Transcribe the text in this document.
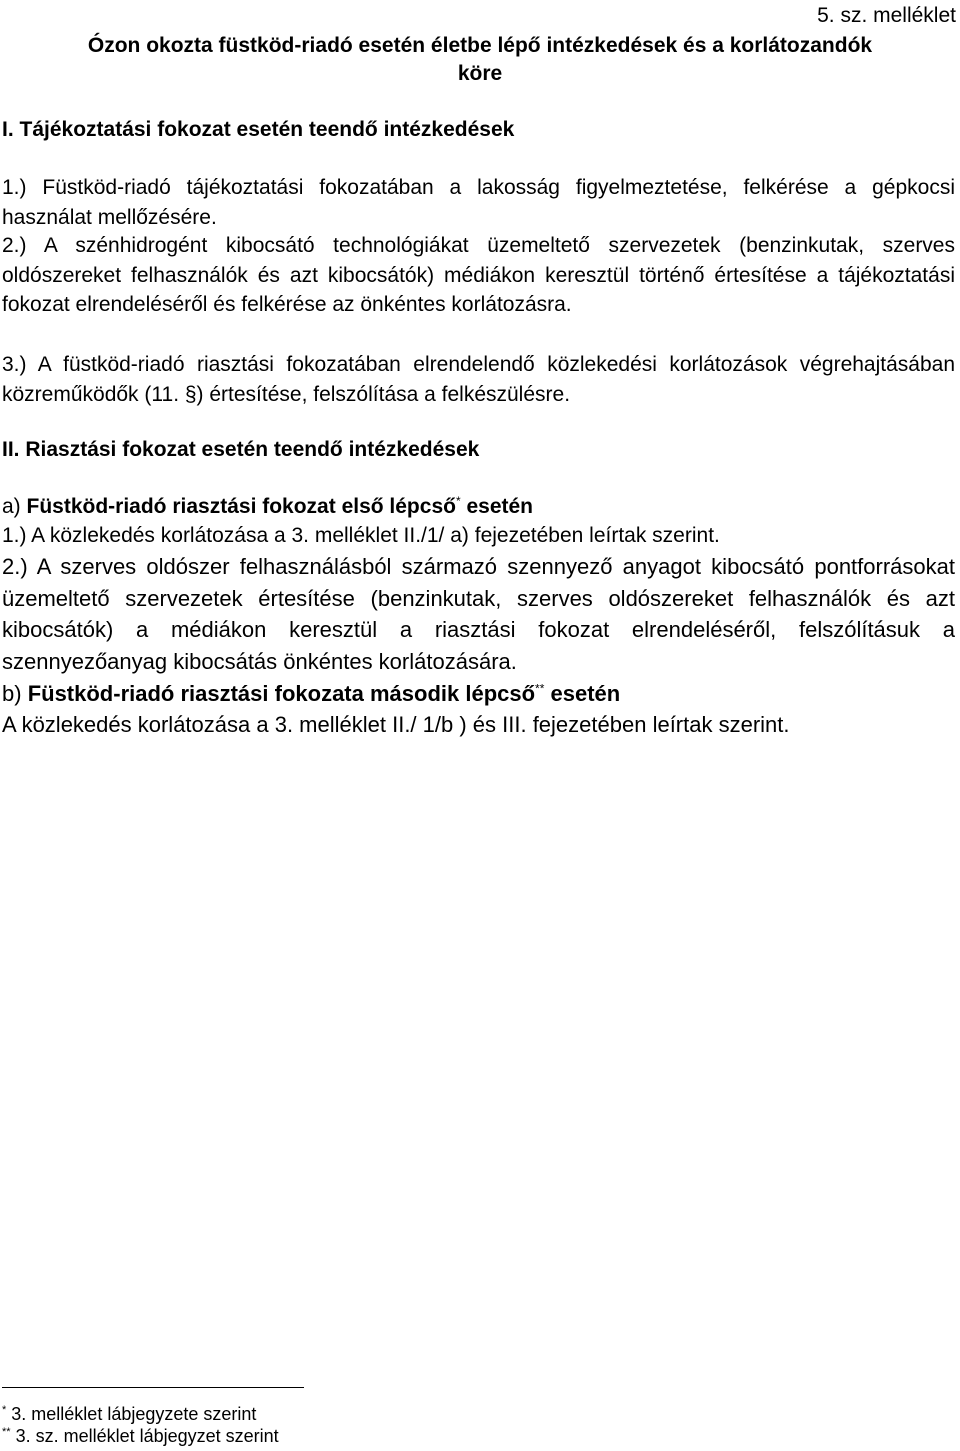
5. sz. melléklet
Ózon okozta füstköd-riadó esetén életbe lépő intézkedések és a korlátozandók
köre
I. Tájékoztatási fokozat esetén teendő intézkedések
1.) Füstköd-riadó tájékoztatási fokozatában a lakosság figyelmeztetése, felkérése a gépkocsi használat mellőzésére.
2.) A szénhidrogént kibocsátó technológiákat üzemeltető szervezetek (benzinkutak, szerves oldószereket felhasználók és azt kibocsátók) médiákon keresztül történő értesítése a tájékoztatási fokozat elrendeléséről és felkérése az önkéntes korlátozásra.
3.) A füstköd-riadó riasztási fokozatában elrendelendő közlekedési korlátozások végrehajtásában közreműködők (11. §) értesítése, felszólítása a felkészülésre.
II. Riasztási fokozat esetén teendő intézkedések
a) Füstköd-riadó riasztási fokozat első lépcső* esetén
1.) A közlekedés korlátozása a 3. melléklet II./1/ a) fejezetében leírtak szerint.
2.) A szerves oldószer felhasználásból származó szennyező anyagot kibocsátó pontforrásokat üzemeltető szervezetek értesítése (benzinkutak, szerves oldószereket felhasználók és azt kibocsátók) a médiákon keresztül a riasztási fokozat elrendeléséről, felszólításuk a szennyezőanyag kibocsátás önkéntes korlátozására.
b) Füstköd-riadó riasztási fokozata második lépcső** esetén
A közlekedés korlátozása a 3. melléklet II./ 1/b ) és III. fejezetében leírtak szerint.
* 3. melléklet lábjegyzete szerint
** 3. sz. melléklet lábjegyzet szerint
